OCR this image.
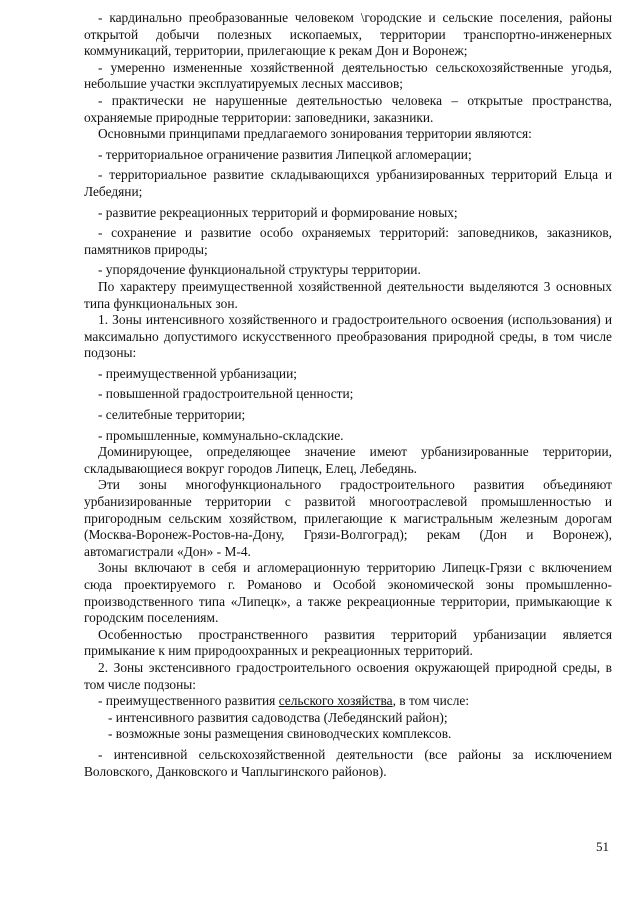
- кардинально преобразованные человеком \городские и сельские поселения, районы открытой добычи полезных ископаемых, территории транспортно-инженерных коммуникаций, территории, прилегающие к рекам Дон и Воронеж;

- умеренно измененные хозяйственной деятельностью сельскохозяйственные угодья, небольшие участки эксплуатируемых лесных массивов;

- практически не нарушенные деятельностью человека – открытые пространства, охраняемые природные территории: заповедники, заказники.

Основными принципами предлагаемого зонирования территории являются:

- территориальное ограничение развития Липецкой агломерации;

- территориальное развитие складывающихся урбанизированных территорий Ельца и Лебедяни;

- развитие рекреационных территорий и формирование новых;

- сохранение и развитие особо охраняемых территорий: заповедников, заказников, памятников природы;

- упорядочение функциональной структуры территории.

По характеру преимущественной хозяйственной деятельности выделяются 3 основных типа функциональных зон.

1. Зоны интенсивного хозяйственного и градостроительного освоения (использования) и максимально допустимого искусственного преобразования природной среды, в том числе подзоны:

- преимущественной урбанизации;

- повышенной градостроительной ценности;

- селитебные территории;

- промышленные, коммунально-складские.

Доминирующее, определяющее значение имеют урбанизированные территории, складывающиеся вокруг городов Липецк, Елец, Лебедянь.

Эти зоны многофункционального градостроительного развития объединяют урбанизированные территории с развитой многоотраслевой промышленностью и пригородным сельским хозяйством, прилегающие к магистральным железным дорогам (Москва-Воронеж-Ростов-на-Дону, Грязи-Волгоград); рекам (Дон и Воронеж), автомагистрали «Дон» - М-4.

Зоны включают в себя и агломерационную территорию Липецк-Грязи с включением сюда проектируемого г. Романово и Особой экономической зоны промышленно-производственного типа «Липецк», а также рекреационные территории, примыкающие к городским поселениям.

Особенностью пространственного развития территорий урбанизации является примыкание к ним природоохранных и рекреационных территорий.

2. Зоны экстенсивного градостроительного освоения окружающей природной среды, в том числе подзоны:

- преимущественного развития сельского хозяйства, в том числе:

- интенсивного развития садоводства (Лебедянский район);

- возможные зоны размещения свиноводческих комплексов.

- интенсивной сельскохозяйственной деятельности (все районы за исключением Воловского, Данковского и Чаплыгинского районов).

51
